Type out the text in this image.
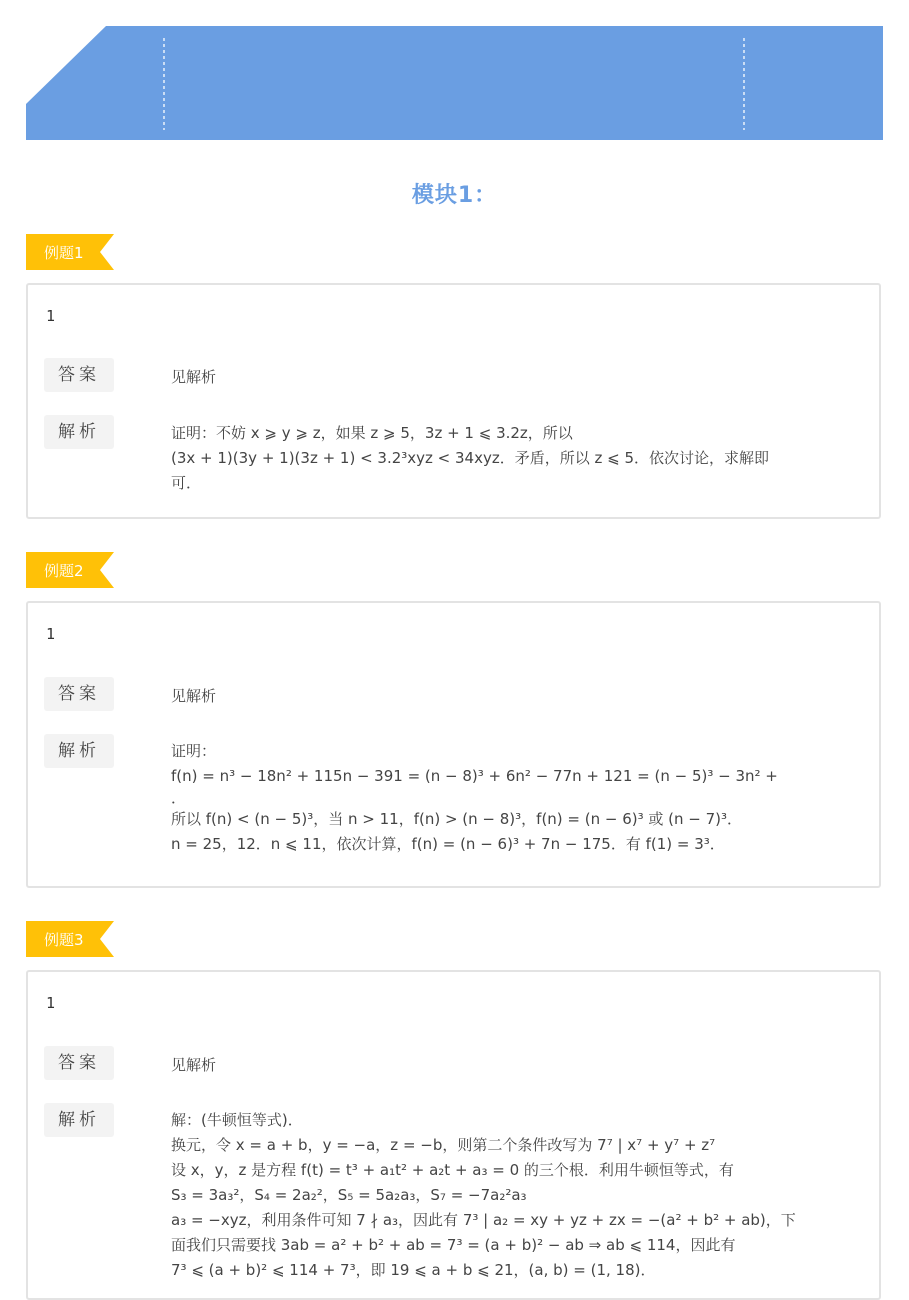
模块1：
例题1
1
答案	见解析
解析	证明：不妨 x ⩾ y ⩾ z，如果 z ⩾ 5，3z + 1 ⩽ 3.2z，所以
(3x + 1)(3y + 1)(3z + 1) < 3.2³xyz < 34xyz．矛盾，所以 z ⩽ 5．依次讨论，求解即
可．
例题2
1
答案	见解析
解析	证明：
f(n) = n³ − 18n² + 115n − 391 = (n − 8)³ + 6n² − 77n + 121 = (n − 5)³ − 3n² +
．
所以 f(n) < (n − 5)³，当 n > 11，f(n) > (n − 8)³，f(n) = (n − 6)³ 或 (n − 7)³．
n = 25，12．n ⩽ 11，依次计算，f(n) = (n − 6)³ + 7n − 175．有 f(1) = 3³．
例题3
1
答案	见解析
解析	解：(牛顿恒等式)．
换元，令 x = a + b，y = −a，z = −b，则第二个条件改写为 7⁷ | x⁷ + y⁷ + z⁷
设 x，y，z 是方程 f(t) = t³ + a₁t² + a₂t + a₃ = 0 的三个根．利用牛顿恒等式，有
S₃ = 3a₃²，S₄ = 2a₂²，S₅ = 5a₂a₃，S₇ = −7a₂²a₃
a₃ = −xyz，利用条件可知 7 ∤ a₃，因此有 7³ | a₂ = xy + yz + zx = −(a² + b² + ab)，下
面我们只需要找 3ab = a² + b² + ab = 7³ = (a + b)² − ab ⇒ ab ⩽ 114，因此有
7³ ⩽ (a + b)² ⩽ 114 + 7³，即 19 ⩽ a + b ⩽ 21，(a, b) = (1, 18)．
